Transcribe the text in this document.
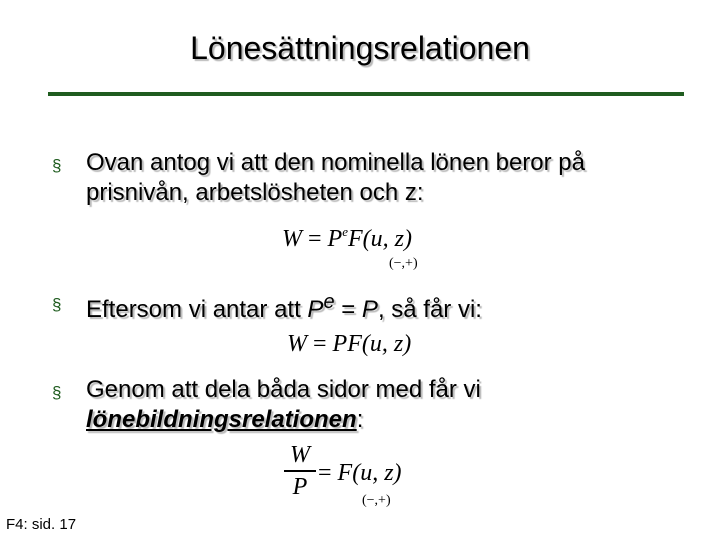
Lönesättningsrelationen
§ Ovan antog vi att den nominella lönen beror på prisnivån, arbetslösheten och z:
$W = P^eF(u$, z)
(−,+)
§ Eftersom vi antar att $P^e = P$, så får vi:
W = PF(u, z)
§ Genom att dela båda sidor med får vi lönebildningsrelationen:
W
P
= F(u, z)
(−,+)
F4: sid. 17
